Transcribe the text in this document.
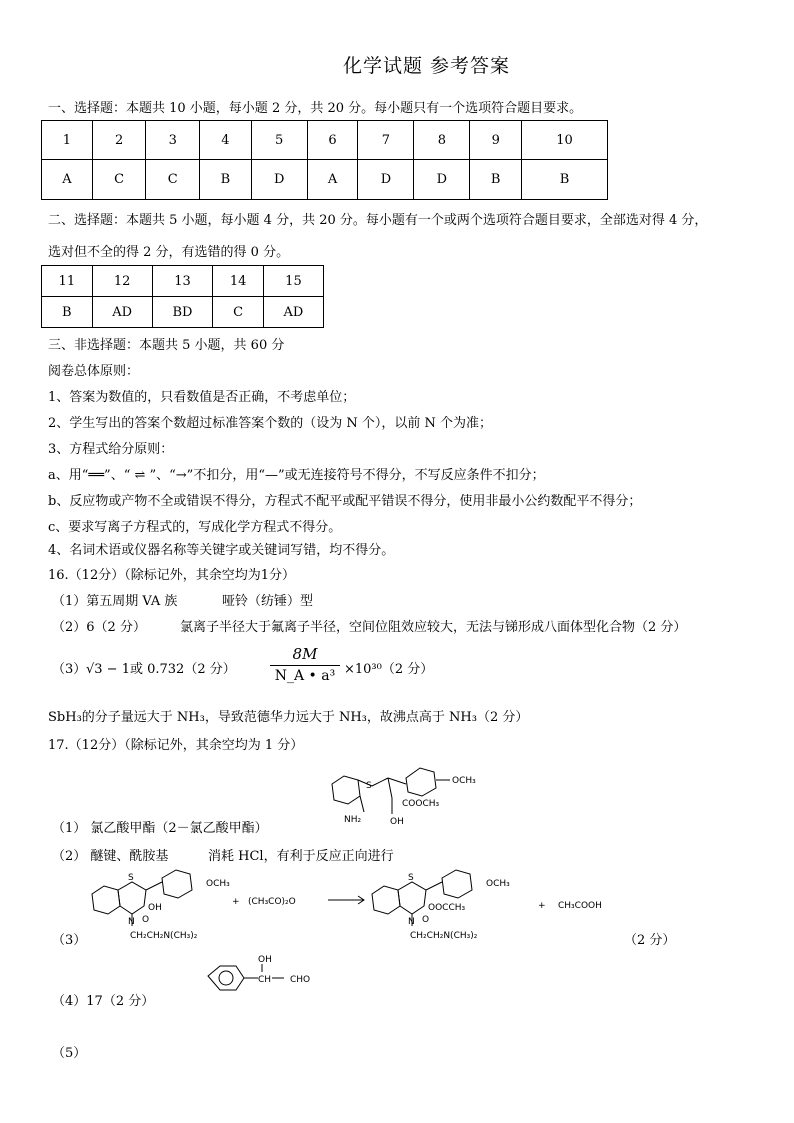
化学试题 参考答案
一、选择题：本题共 10 小题，每小题 2 分，共 20 分。每小题只有一个选项符合题目要求。
1	2	3	4	5	6	7	8	9	10
A	C	C	B	D	A	D	D	B	B
二、选择题：本题共 5 小题，每小题 4 分，共 20 分。每小题有一个或两个选项符合题目要求，全部选对得 4 分，
选对但不全的得 2 分，有选错的得 0 分。
11	12	13	14	15
B	AD	BD	C	AD
三、非选择题：本题共 5 小题，共 60 分
阅卷总体原则：
1、答案为数值的，只看数值是否正确，不考虑单位；
2、学生写出的答案个数超过标准答案个数的（设为 N 个），以前 N 个为准；
3、方程式给分原则：
a、用“══”、“ ⇌ ”、“→”不扣分，用“—”或无连接符号不得分，不写反应条件不扣分；
b、反应物或产物不全或错误不得分，方程式不配平或配平错误不得分，使用非最小公约数配平不得分；
c、要求写离子方程式的，写成化学方程式不得分。
4、名词术语或仪器名称等关键字或关键词写错，均不得分。
16.（12分）（除标记外，其余空均为1分）
（1）第五周期 VA 族	哑铃（纺锤）型
（2）6（2 分）	氯离子半径大于氟离子半径，空间位阻效应较大，无法与锑形成八面体型化合物（2 分）
（3） √3 − 1或 0.732（2 分） $\frac{8M}{\text{N\_A • a³}} \times 10^{30}(2$ 分）
SbH₃的分子量远大于 NH₃，导致范德华力远大于 NH₃，故沸点高于 NH₃（2 分）
17.（12分）（除标记外，其余空均为 1 分）
S	OCH₃
COOCH₃
NH₂	OH
（1） 氯乙酸甲酯（2－氯乙酸甲酯）
（2） 醚键、酰胺基	消耗 HCl，有利于反应正向进行
S
OCH₃
OH
O
N
CH₂CH₂N(CH₃)₂
+ (CH₃CO)₂O
S
OCH₃
OOCCH₃
O
N
CH₂CH₂N(CH₃)₂
+ CH₃COOH
（3）	（2 分）
OH
CH CHO
（4）17（2 分）
（5）
